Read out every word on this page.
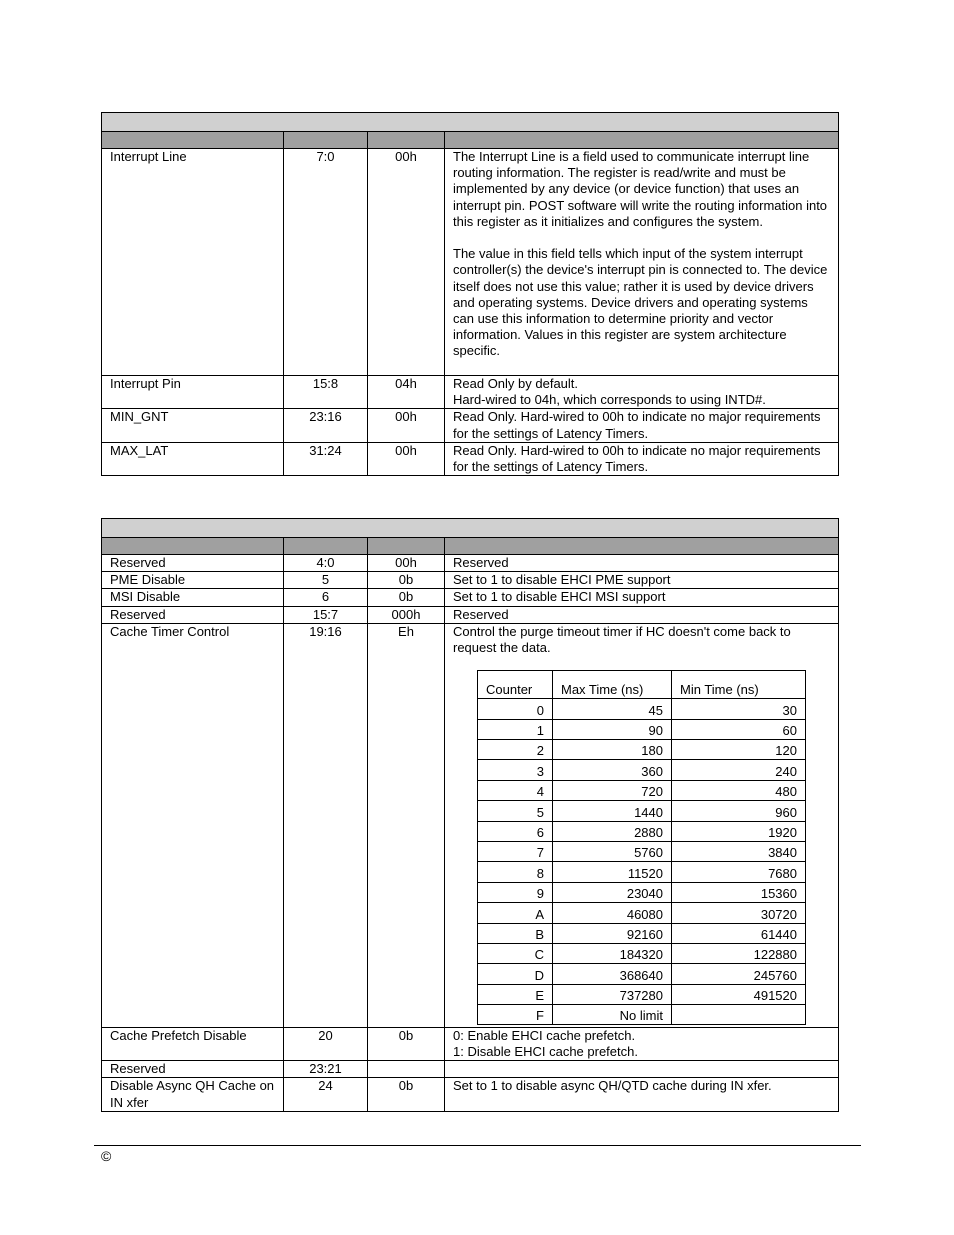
Interrupt Line	7:0	00h	The Interrupt Line is a field used to communicate interrupt line routing information. The register is read/write and must be implemented by any device (or device function) that uses an interrupt pin. POST software will write the routing information into this register as it initializes and configures the system.

The value in this field tells which input of the system interrupt controller(s) the device's interrupt pin is connected to. The device itself does not use this value; rather it is used by device drivers and operating systems. Device drivers and operating systems can use this information to determine priority and vector information. Values in this register are system architecture specific.
Interrupt Pin	15:8	04h	Read Only by default.
Hard-wired to 04h, which corresponds to using INTD#.
MIN_GNT	23:16	00h	Read Only. Hard-wired to 00h to indicate no major requirements for the settings of Latency Timers.
MAX_LAT	31:24	00h	Read Only. Hard-wired to 00h to indicate no major requirements for the settings of Latency Timers.

Reserved	4:0	00h	Reserved
PME Disable	5	0b	Set to 1 to disable EHCI PME support
MSI Disable	6	0b	Set to 1 to disable EHCI MSI support
Reserved	15:7	000h	Reserved
Cache Timer Control	19:16	Eh	Control the purge timeout timer if HC doesn't come back to request the data.
Counter	Max Time (ns)	Min Time (ns)
0	45	30
1	90	60
2	180	120
3	360	240
4	720	480
5	1440	960
6	2880	1920
7	5760	3840
8	11520	7680
9	23040	15360
A	46080	30720
B	92160	61440
C	184320	122880
D	368640	245760
E	737280	491520
F	No limit	

Cache Prefetch Disable	20	0b	0: Enable EHCI cache prefetch.
1: Disable EHCI cache prefetch.
Reserved	23:21		
Disable Async QH Cache on IN xfer	24	0b	Set to 1 to disable async QH/QTD cache during IN xfer.
©
